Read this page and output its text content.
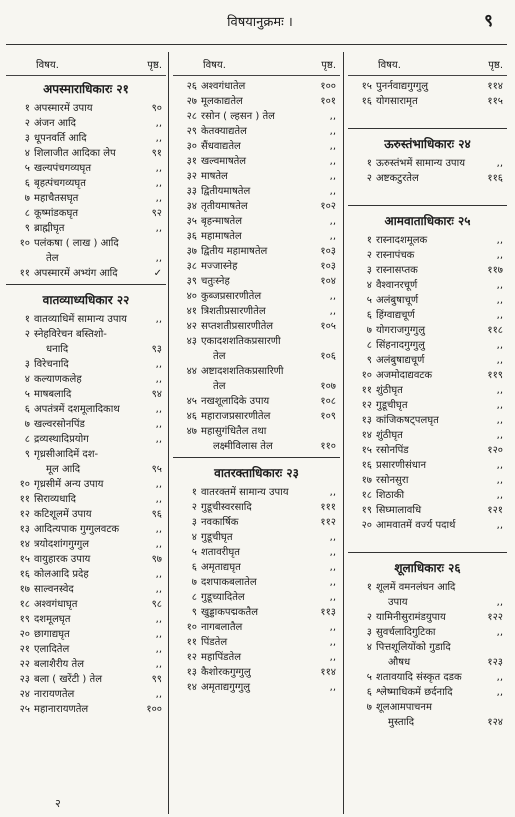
विषयानुक्रमः ।	९
विषय.	पृष्ठ.
अपस्माराधिकारः २१
१ अपस्मारमें उपाय	९०
२ अंजन आदि	,,
३ धूपनवर्ति आदि	,,
४ शिलाजीत आदिका लेप	९१
५ खल्यपंचगव्यघृत	,,
६ बृहत्पंचगव्यघृत	,,
७ महाचैतसघृत	,,
८ कूष्मांडकघृत	९२
९ ब्राह्मीघृत	,,
१० पलंकषा ( लाख ) आदि
तेल	,,
११ अपस्मारमें अभ्यंग आदि	✓
वातव्याध्यधिकार २२
१ वातव्याधिमें सामान्य उपाय	,,
२ स्नेहविरेचन बस्तिशो-
धनादि	९३
३ विरेचनादि	,,
४ कल्याणकलेह	,,
५ माषबलादि	९४
६ अपतंत्रमें दशमूलादिकाथ	,,
७ खल्वरसोनपिंड	,,
८ द्रव्यस्थादिप्रयोग	,,
९ गृध्रसीआदिमें दश-
मूल आदि	९५
१० गृध्रसीमें अन्य उपाय	,,
११ सिराव्यधादि	,,
१२ कटिशूलमें उपाय	९६
१३ आदित्यपाक गुग्गुलवटक	,,
१४ त्रयोदशांगगुग्गुल	,,
१५ वायुहारक उपाय	९७
१६ कोलआदि प्रदेह	,,
१७ साल्वनस्वेद	,,
१८ अश्वगंधाघृत	९८
१९ दशमूलघृत	,,
२० छागाद्यघृत	,,
२१ एलादितेल	,,
२२ बलाशैरीय तेल	,,
२३ बला ( खरेंटी ) तेल	९९
२४ नारायणतेल	,,
२५ महानारायणतेल	१००
विषय.	पृष्ठ.
२६ अश्वगंधातेल	१००
२७ मूलकाद्यतेल	१०१
२८ रसोन ( ल्हसन ) तेल	,,
२९ केतक्याद्यतेल	,,
३० सैंधवाद्यतेल	,,
३१ खल्वमाषतेल	,,
३२ माषतेल	,,
३३ द्वितीयमाषतेल	,,
३४ तृतीयमाषतेल	१०२
३५ बृहन्माषतेल	,,
३६ महामाषतेल	,,
३७ द्वितीय महामाषतेल	१०३
३८ मज्जास्नेह	१०३
३९ चतुःस्नेह	१०४
४० कुब्जप्रसारणीतेल	,,
४१ त्रिशतीप्रसारणीतेल	,,
४२ सप्तशतीप्रसारणीतेल	१०५
४३ एकादशशतिकप्रसारणी
तेल	१०६
४४ अष्टादशशतिकप्रसारिणी
तेल	१०७
४५ नखशूलादिके उपाय	१०८
४६ महाराजप्रसारणीतेल	१०९
४७ महासुगंधितैल तथा
लक्ष्मीविलास तेल	११०
वातरक्ताधिकारः २३
१ वातरक्तमें सामान्य उपाय	,,
२ गुडूचीस्वरसादि	१११
३ नवकार्षिक	११२
४ गुडूचीघृत	,,
५ शतावरीघृत	,,
६ अमृताद्यघृत	,,
७ दशपाकबलातेल	,,
८ गुडूच्यादितेल	,,
९ खुड्डाकपद्मकतैल	११३
१० नागबलातैल	,,
११ पिंडतेल	,,
१२ महापिंडतेल	,,
१३ कैशोरकगुग्गुलु	११४
१४ अमृताद्यगुग्गुलु	,,
विषय.	पृष्ठ.
१५ पुनर्नवाद्यगुग्गुलु	११४
१६ योगसारामृत	११५
ऊरुस्तंभाधिकारः २४
१ ऊरुस्तंभमें सामान्य उपाय	,,
२ अष्टकटुरतेल	११६
आमवाताधिकारः २५
१ रास्नादशमूलक	,,
२ रास्नापंचक	,,
३ रास्नासप्तक	११७
४ वैश्वानरचूर्ण	,,
५ अलंबुषाचूर्ण	,,
६ हिंग्वाद्यचूर्ण	,,
७ योगराजगुग्गुलु	११८
८ सिंहनादगुग्गुलु	,,
९ अलंबुषाद्यचूर्ण	,,
१० अजमोदाद्यवटक	११९
११ शुंठीघृत	,,
१२ गुडूचीघृत	,,
१३ कांजिकषट्पलघृत	,,
१४ शुंठीघृत	,,
१५ रसोनपिंड	१२०
१६ प्रसारणीसंधान	,,
१७ रसोनसुरा	,,
१८ शिठाकी	,,
१९ सिघ्मालावधि	१२१
२० आमवातमें वर्ज्य पदार्थ	,,
शूलाधिकारः २६
१ शूलमें वमनलंघन आदि
उपाय	,,
२ यामिनीसुरामंडयुपाय	१२२
३ सुवर्चलादिगुटिका	,,
४ पित्तशूलियोंको गुडादि
औषध	१२३
५ शतावयादि संस्कृत दडक	,,
६ श्लेष्माधिकमें छर्दनादि	,,
७ शूलआमपाचनम
मुस्तादि	१२४
२
